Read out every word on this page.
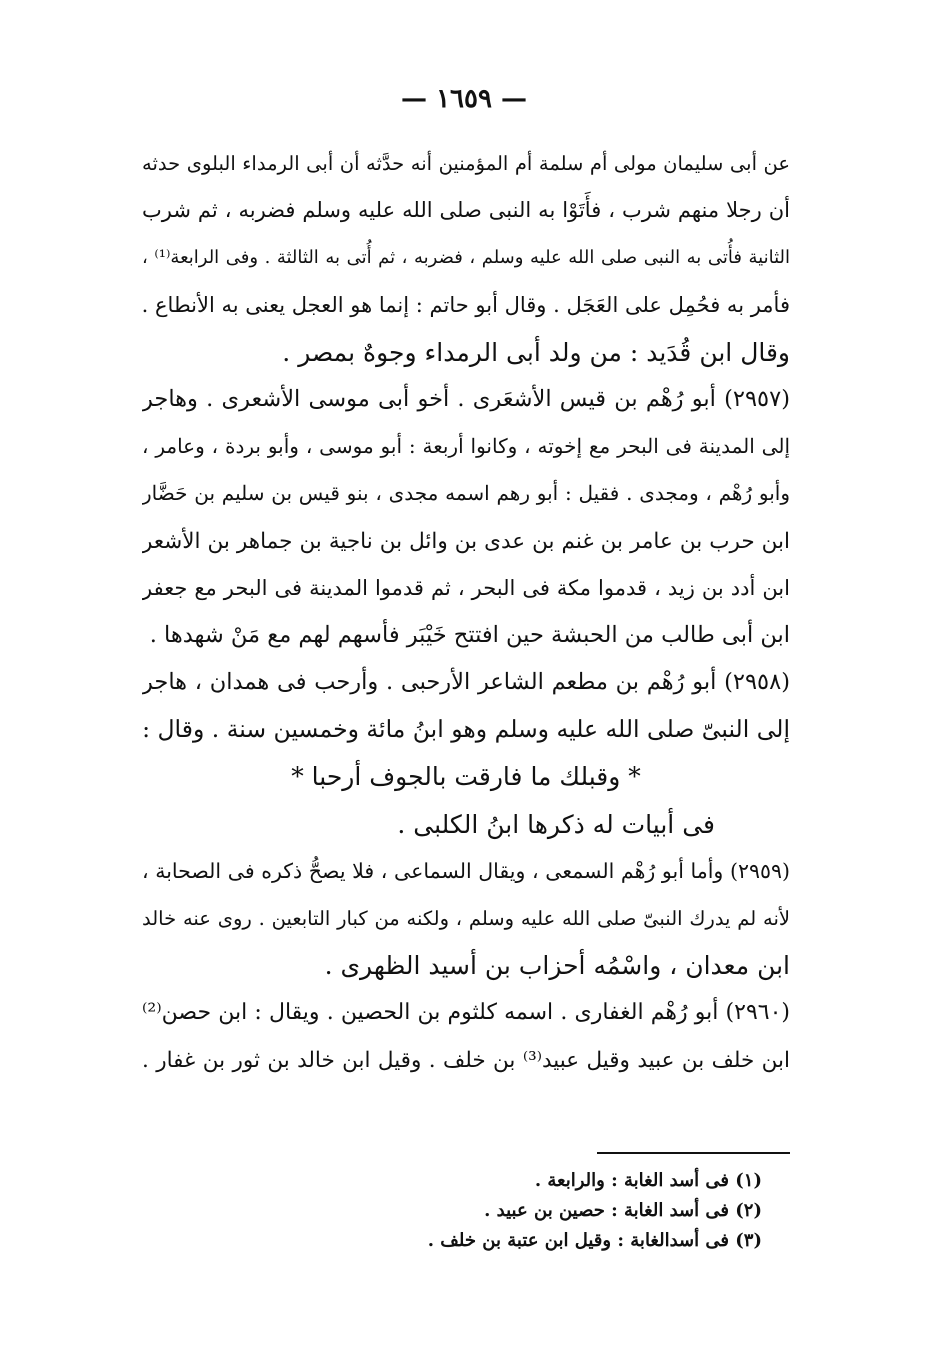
— ١٦٥٩ —
عن أبى سليمان مولى أم سلمة أم المؤمنين أنه حدَّثه أن أبى الرمداء البلوى حدثه
أن رجلا منهم شرب ، فأَتَوْا به النبى صلى الله عليه وسلم فضربه ، ثم شرب
الثانية فأُتى به النبى صلى الله عليه وسلم ، فضربه ، ثم أُتى به الثالثة . وفى الرابعة⁽¹⁾ ،
فأمر به فحُمِل على العَجَل . وقال أبو حاتم : إنما هو العجل يعنى به الأنطاع .
وقال ابن قُدَيد : من ولد أبى الرمداء وجوهٌ بمصر .
(٢٩٥٧) أبو رُهْم بن قيس الأشعَرى . أخو أبى موسى الأشعرى . وهاجر
إلى المدينة فى البحر مع إخوته ، وكانوا أربعة : أبو موسى ، وأبو بردة ، وعامر ،
وأبو رُهْم ، ومجدى . فقيل : أبو رهم اسمه مجدى ، بنو قيس بن سليم بن حَضَّار
ابن حرب بن عامر بن غنم بن عدى بن وائل بن ناجية بن جماهر بن الأشعر
ابن أدد بن زيد ، قدموا مكة فى البحر ، ثم قدموا المدينة فى البحر مع جعفر
ابن أبى طالب من الحبشة حين افتتح خَيْبَر فأسهم لهم مع مَنْ شهدها .
(٢٩٥٨) أبو رُهْم بن مطعم الشاعر الأرحبى . وأرحب فى همدان ، هاجر
إلى النبىّ صلى الله عليه وسلم وهو ابنُ مائة وخمسين سنة . وقال :
* وقبلك ما فارقت بالجوف أرحبا *
فى أبيات له ذكرها ابنُ الكلبى .
(٢٩٥٩) وأما أبو رُهْم السمعى ، ويقال السماعى ، فلا يصحُّ ذكره فى الصحابة ،
لأنه لم يدرك النبىّ صلى الله عليه وسلم ، ولكنه من كبار التابعين . روى عنه خالد
ابن معدان ، واسْمُه أحزاب بن أسيد الظهرى .
(٢٩٦٠) أبو رُهْم الغفارى . اسمه كلثوم بن الحصين . ويقال : ابن حصن⁽²⁾
ابن خلف بن عبيد وقيل عبيد⁽³⁾ بن خلف . وقيل ابن خالد بن ثور بن غفار .
(١) فى أسد الغابة : والرابعة .
(٢) فى أسد الغابة : حصين بن عبيد .
(٣) فى أسدالغابة : وقيل ابن عتبة بن خلف .
